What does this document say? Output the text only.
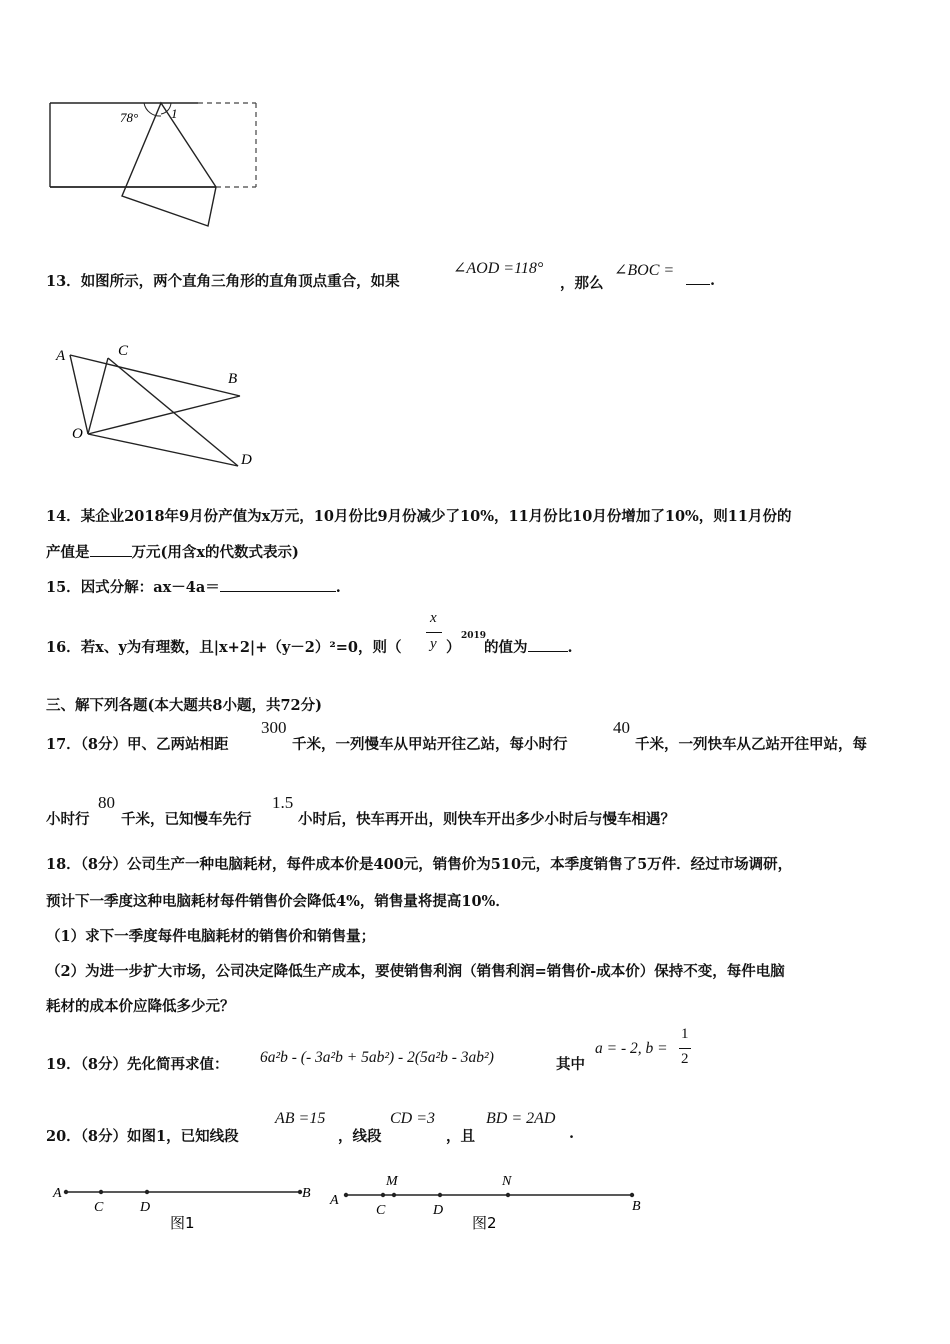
78°	1
13．如图所示，两个直角三角形的直角顶点重合，如果
∠AOD =118°
，那么
∠BOC =
.
A	C
B
O
D
14．某企业2018年9月份产值为x万元，10月份比9月份减少了10%，11月份比10月份增加了10%，则11月份的
产值是	万元(用含x的代数式表示)
15．因式分解：ax－4a＝	.
16．若x、y为有理数，且|x+2|+（y－2）²=0，则（
x
y ）
2019
的值为	.
三、解下列各题(本大题共8小题，共72分)
17．（8分）甲、乙两站相距
300
千米，一列慢车从甲站开往乙站，每小时行
40
千米，一列快车从乙站开往甲站，每
小时行
80
千米，已知慢车先行
1.5
小时后，快车再开出，则快车开出多少小时后与慢车相遇？
18．（8分）公司生产一种电脑耗材，每件成本价是400元，销售价为510元，本季度销售了5万件．经过市场调研，
预计下一季度这种电脑耗材每件销售价会降低4%，销售量将提高10%．
（1）求下一季度每件电脑耗材的销售价和销售量；
（2）为进一步扩大市场，公司决定降低生产成本，要使销售利润（销售利润=销售价-成本价）保持不变，每件电脑
耗材的成本价应降低多少元？
19．（8分）先化简再求值： 6a²b - (- 3a²b + 5ab²) - 2(5a²b - 3ab²)	其中
a = - 2, b =
1
2
20．（8分）如图1，已知线段
AB =15
，线段
CD =3
，且
BD = 2AD
.
A
C	D
B
图1
A
M
C	D
N
B
图2
